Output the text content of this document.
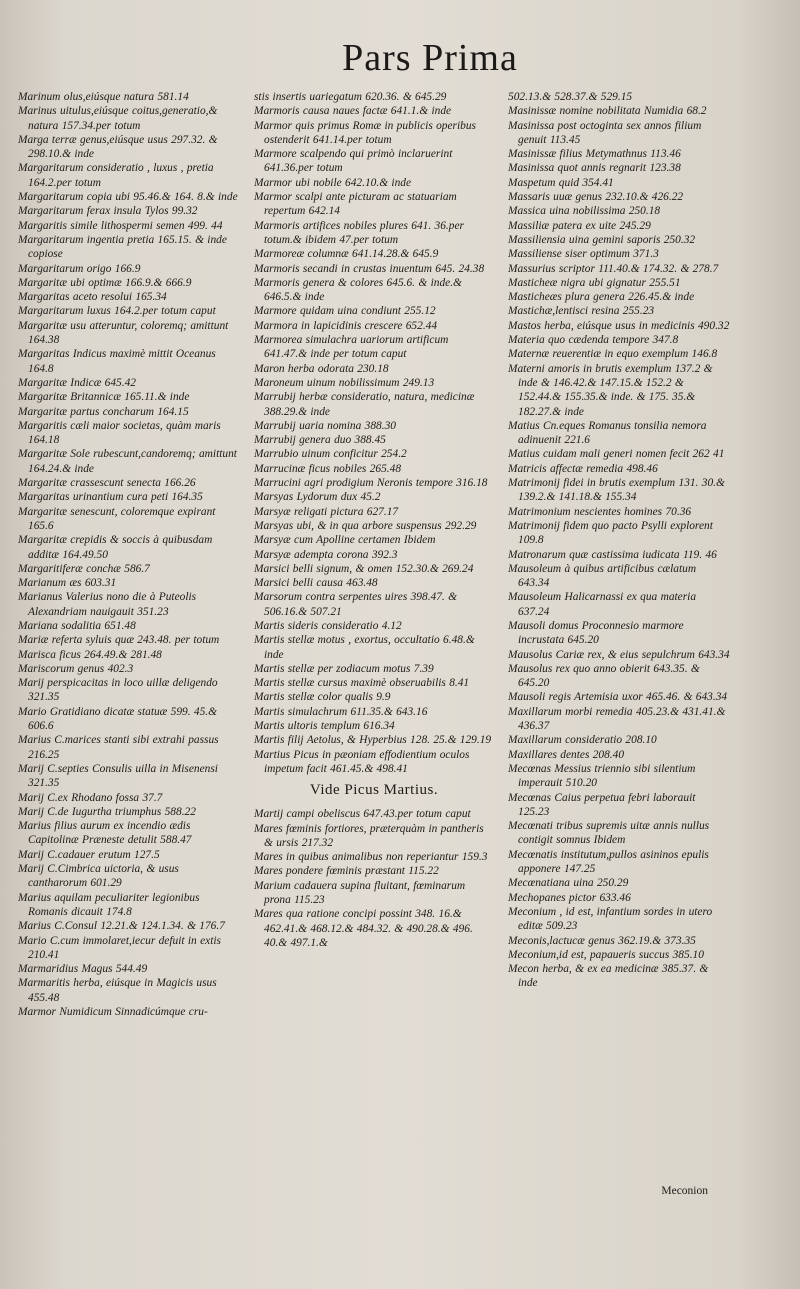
Pars Prima

Marinum olus,eiúsque natura 581.14

Marinus uitulus,eiúsque coitus,generatio,& natura 157.34.per totum

Marga terræ genus,eiúsque usus 297.32. & 298.10.& inde

Margaritarum consideratio , luxus , pretia 164.2.per totum

Margaritarum copia ubi 95.46.& 164. 8.& inde

Margaritarum ferax insula Tylos 99.32

Margaritis simile lithospermi semen 499. 44

Margaritarum ingentia pretia 165.15. & inde copiose

Margaritarum origo 166.9

Margaritæ ubi optimæ 166.9.& 666.9

Margaritas aceto resolui 165.34

Margaritarum luxus 164.2.per totum caput

Margaritæ usu atteruntur, coloremq; amittunt 164.38

Margaritas Indicus maximè mittit Oceanus 164.8

Margaritæ Indicæ 645.42

Margaritæ Britannicæ 165.11.& inde

Margaritæ partus concharum 164.15

Margaritis cæli maior societas, quàm maris 164.18

Margaritæ Sole rubescunt,candoremq; amittunt 164.24.& inde

Margaritæ crassescunt senecta 166.26

Margaritas urinantium cura peti 164.35

Margaritæ senescunt, coloremque expirant 165.6

Margaritæ crepidis & soccis à quibusdam additæ 164.49.50

Margaritiferæ conchæ 586.7

Marianum æs 603.31

Marianus Valerius nono die à Puteolis Alexandriam nauigauit 351.23

Mariana sodalitia 651.48

Mariæ referta syluis quæ 243.48. per totum

Marisca ficus 264.49.& 281.48

Mariscorum genus 402.3

Marij perspicacitas in loco uillæ deligendo 321.35

Mario Gratidiano dicatæ statuæ 599. 45.& 606.6

Marius C.marices stanti sibi extrahi passus 216.25

Marij C.septies Consulis uilla in Misenensi 321.35

Marij C.ex Rhodano fossa 37.7

Marij C.de Iugurtha triumphus 588.22

Marius filius aurum ex incendio ædis Capitolinæ Præneste detulit 588.47

Marij C.cadauer erutum 127.5

Marij C.Cimbrica uictoria, & usus cantharorum 601.29

Marius aquilam peculiariter legionibus Romanis dicauit 174.8

Marius C.Consul 12.21.& 124.1.34. & 176.7

Mario C.cum immolaret,iecur defuit in extis 210.41

Marmaridius Magus 544.49

Marmaritis herba, eiúsque in Magicis usus 455.48

Marmor Numidicum Sinnadicúmque cru-

stis insertis uariegatum 620.36. & 645.29

Marmoris causa naues factæ 641.1.& inde

Marmor quis primus Romæ in publicis operibus ostenderit 641.14.per totum

Marmore scalpendo qui primò inclaruerint 641.36.per totum

Marmor ubi nobile 642.10.& inde

Marmor scalpi ante picturam ac statuariam repertum 642.14

Marmoris artifices nobiles plures 641. 36.per totum.& ibidem 47.per totum

Marmoreæ columnæ 641.14.28.& 645.9

Marmoris secandi in crustas inuentum 645. 24.38

Marmoris genera & colores 645.6. & inde.& 646.5.& inde

Marmore quidam uina condiunt 255.12

Marmora in lapicidinis crescere 652.44

Marmorea simulachra uariorum artificum 641.47.& inde per totum caput

Maron herba odorata 230.18

Maroneum uinum nobilissimum 249.13

Marrubij herbæ consideratio, natura, medicinæ 388.29.& inde

Marrubij uaria nomina 388.30

Marrubij genera duo 388.45

Marrubio uinum conficitur 254.2

Marrucinæ ficus nobiles 265.48

Marrucini agri prodigium Neronis tempore 316.18

Marsyas Lydorum dux 45.2

Marsyæ religati pictura 627.17

Marsyas ubi, & in qua arbore suspensus 292.29

Marsyæ cum Apolline certamen Ibidem

Marsyæ adempta corona 392.3

Marsici belli signum, & omen 152.30.& 269.24

Marsici belli causa 463.48

Marsorum contra serpentes uires 398.47. & 506.16.& 507.21

Martis sideris consideratio 4.12

Martis stellæ motus , exortus, occultatio 6.48.& inde

Martis stellæ per zodiacum motus 7.39

Martis stellæ cursus maximè obseruabilis 8.41

Martis stellæ color qualis 9.9

Martis simulachrum 611.35.& 643.16

Martis ultoris templum 616.34

Martis filij Aetolus, & Hyperbius 128. 25.& 129.19

Martius Picus in pæoniam effodientium oculos impetum facit 461.45.& 498.41

Vide Picus Martius.

Martij campi obeliscus 647.43.per totum caput

Mares fœminis fortiores, præterquàm in pantheris & ursis 217.32

Mares in quibus animalibus non reperiantur 159.3

Mares pondere fœminis præstant 115.22

Marium cadauera supina fluitant, fœminarum prona 115.23

Mares qua ratione concipi possint 348. 16.& 462.41.& 468.12.& 484.32. & 490.28.& 496. 40.& 497.1.&

502.13.& 528.37.& 529.15

Masinissæ nomine nobilitata Numidia 68.2

Masinissa post octoginta sex annos filium genuit 113.45

Masinissæ filius Metymathnus 113.46

Masinissa quot annis regnarit 123.38

Maspetum quid 354.41

Massaris uuæ genus 232.10.& 426.22

Massica uina nobilissima 250.18

Massiliæ patera ex uite 245.29

Massiliensia uina gemini saporis 250.32

Massiliense siser optimum 371.3

Massurius scriptor 111.40.& 174.32. & 278.7

Masticheæ nigra ubi gignatur 255.51

Masticheæs plura genera 226.45.& inde

Mastichæ,lentisci resina 255.23

Mastos herba, eiúsque usus in medicinis 490.32

Materia quo cædenda tempore 347.8

Maternæ reuerentiæ in equo exemplum 146.8

Materni amoris in brutis exemplum 137.2 & inde & 146.42.& 147.15.& 152.2 & 152.44.& 155.35.& inde. & 175. 35.& 182.27.& inde

Matius Cn.eques Romanus tonsilia nemora adinuenit 221.6

Matius cuidam mali generi nomen fecit 262 41

Matricis affectæ remedia 498.46

Matrimonij fidei in brutis exemplum 131. 30.& 139.2.& 141.18.& 155.34

Matrimonium nescientes homines 70.36

Matrimonij fidem quo pacto Psylli explorent 109.8

Matronarum quæ castissima iudicata 119. 46

Mausoleum à quibus artificibus cælatum 643.34

Mausoleum Halicarnassi ex qua materia 637.24

Mausoli domus Proconnesio marmore incrustata 645.20

Mausolus Cariæ rex, & eius sepulchrum 643.34

Mausolus rex quo anno obierit 643.35. & 645.20

Mausoli regis Artemisia uxor 465.46. & 643.34

Maxillarum morbi remedia 405.23.& 431.41.& 436.37

Maxillarum consideratio 208.10

Maxillares dentes 208.40

Mecœnas Messius triennio sibi silentium imperauit 510.20

Mecœnas Caius perpetua febri laborauit 125.23

Mecœnati tribus supremis uitæ annis nullus contigit somnus Ibidem

Mecœnatis institutum,pullos asininos epulis apponere 147.25

Mecœnatiana uina 250.29

Mechopanes pictor 633.46

Meconium , id est, infantium sordes in utero editæ 509.23

Meconis,lactucæ genus 362.19.& 373.35

Meconium,id est, papaueris succus 385.10

Mecon herba, & ex ea medicinæ 385.37. & inde

Meconion
